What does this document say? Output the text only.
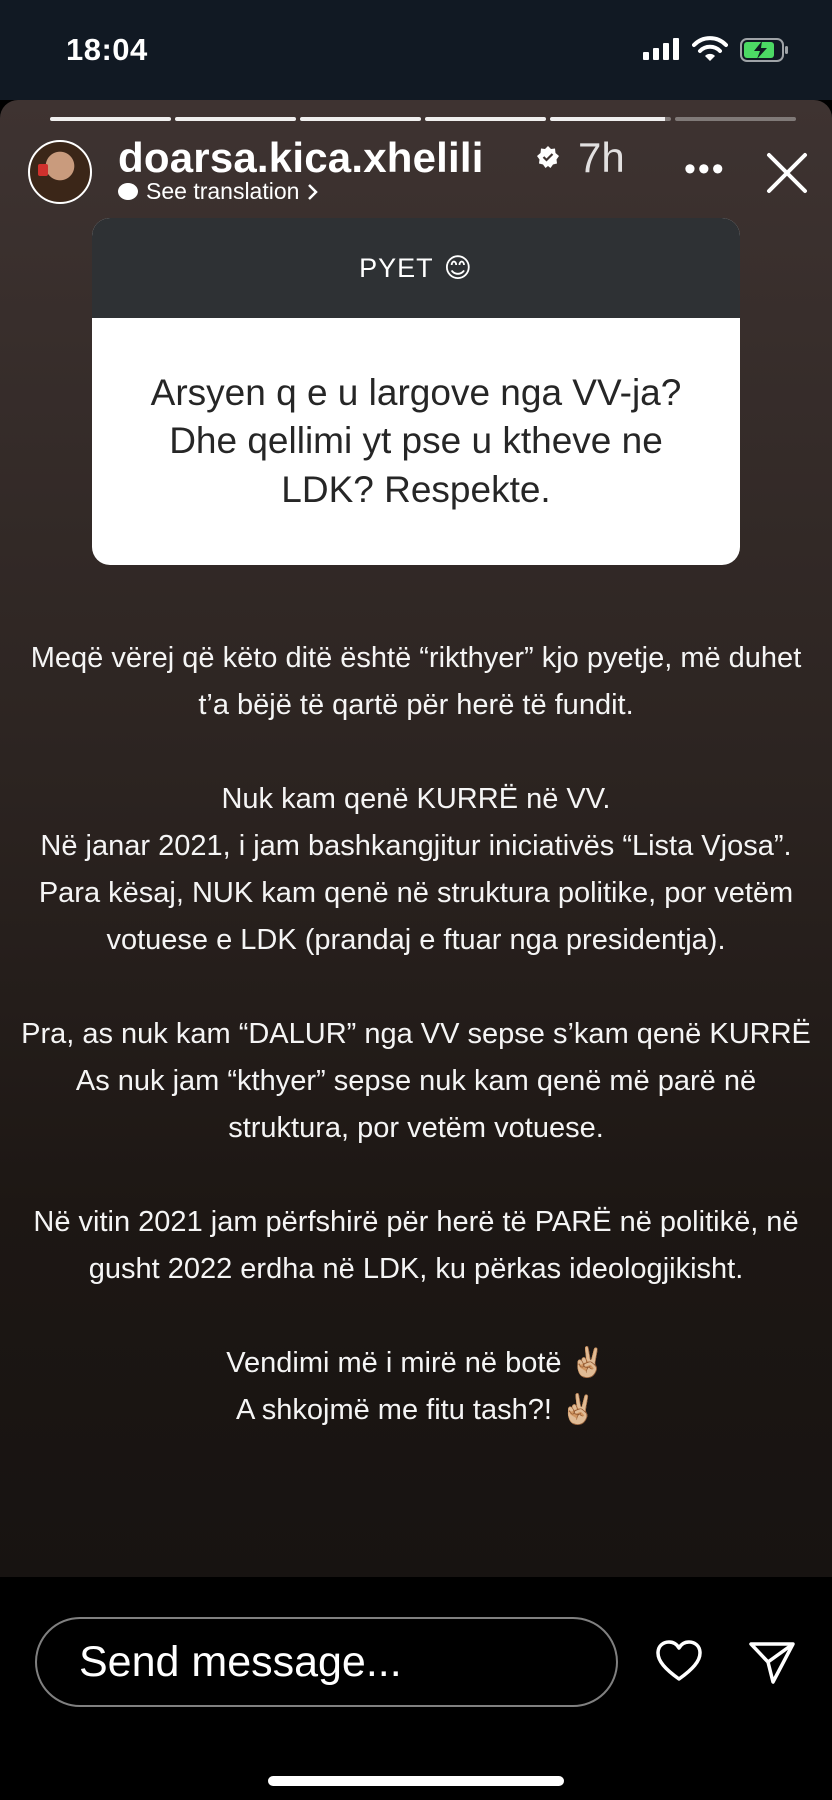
18:04
doarsa.kica.xhelili 7h
See translation
•••
PYET 😊
Arsyen q e u largove nga VV-ja? Dhe qellimi yt pse u ktheve ne LDK? Respekte.

Meqë vërej që këto ditë është “rikthyer” kjo pyetje, më duhet
t’a bëjë të qartë për herë të fundit.

Nuk kam qenë KURRË në VV.
Në janar 2021, i jam bashkangjitur iniciativës “Lista Vjosa”.
Para kësaj, NUK kam qenë në struktura politike, por vetëm
votuese e LDK (prandaj e ftuar nga presidentja).

Pra, as nuk kam “DALUR” nga VV sepse s’kam qenë KURRË
As nuk jam “kthyer” sepse nuk kam qenë më parë në
struktura, por vetëm votuese.

Në vitin 2021 jam përfshirë për herë të PARË në politikë, në
gusht 2022 erdha në LDK, ku përkas ideologjikisht.

Vendimi më i mirë në botë ✌🏼
A shkojmë me fitu tash?! ✌🏼

Send message...
